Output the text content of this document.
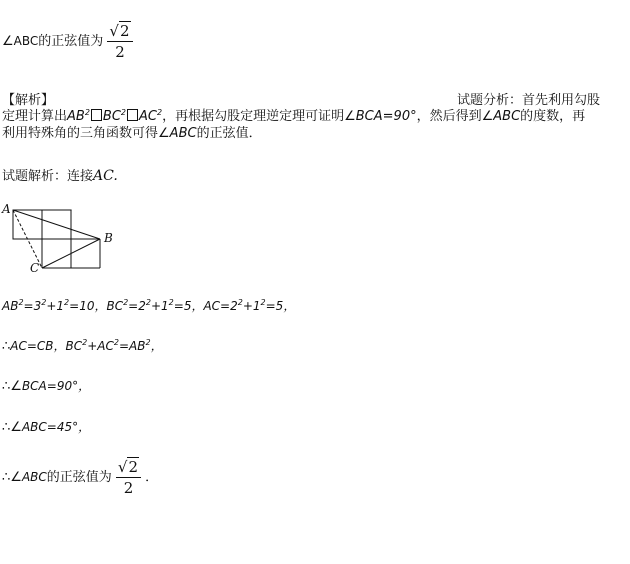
∠ABC的正弦值为 $\frac{√2}{2}$
【解析】	试题分析：首先利用勾股
定理计算出$AB^2$ $BC^2$ $AC^2$，再根据勾股定理逆定理可证明∠BCA=90°，然后得到∠ABC的度数，再
利用特殊角的三角函数可得∠ABC的正弦值．
试题解析：连接AC.
A
B
C
$AB^2=3^2+1^2=10$，$BC^2=2^2+1^2=5$，$AC=2^2+1^2=5$，
∴AC=CB，$BC^2+AC^2=AB^2$，
∴∠BCA=90°，
∴∠ABC=45°，
∴∠ABC的正弦值为 $\frac{√2}{2}$ ．
